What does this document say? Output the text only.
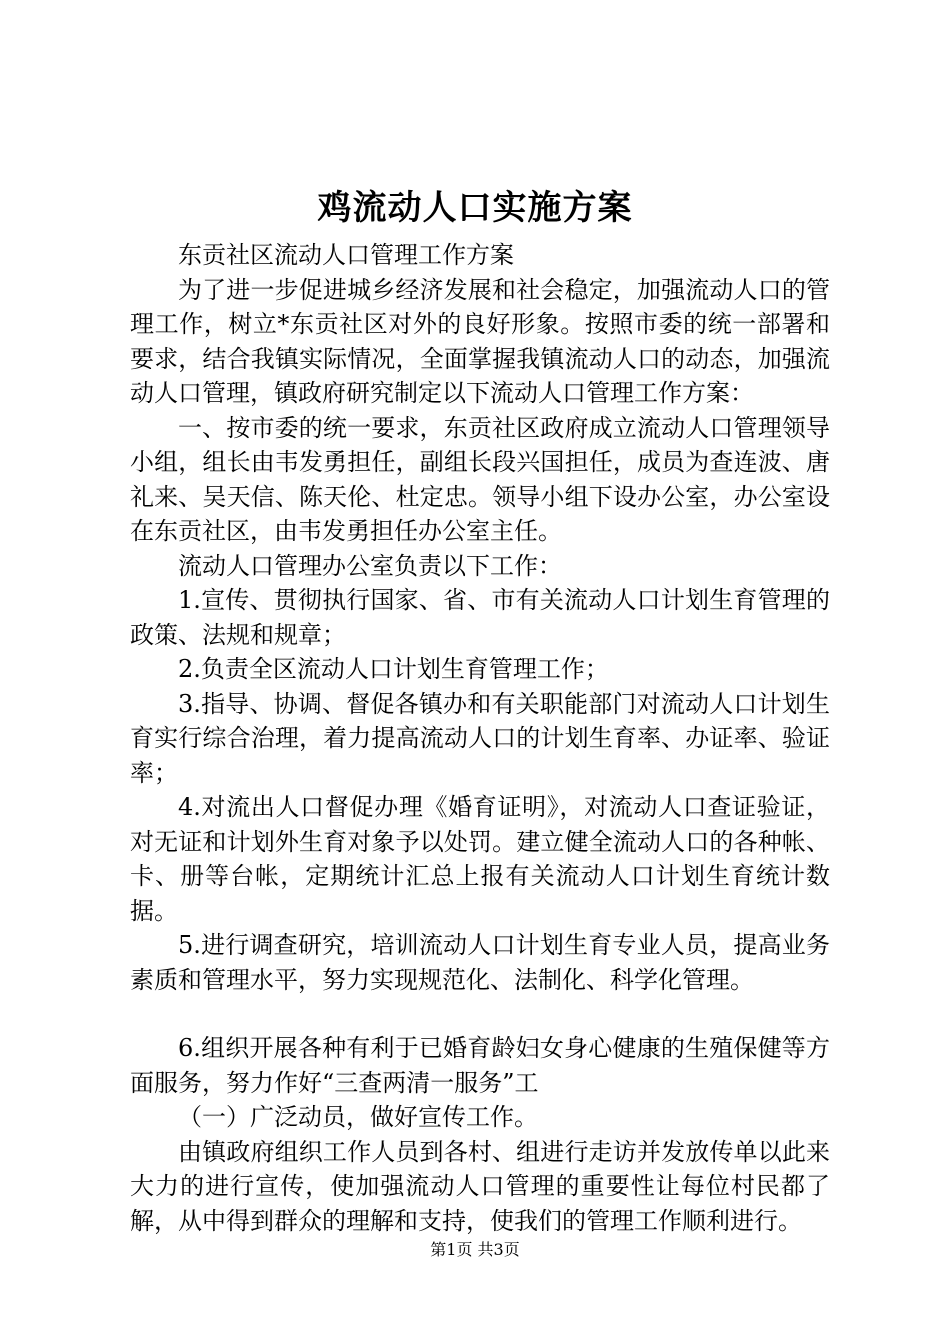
鸡流动人口实施方案

东贡社区流动人口管理工作方案

为了进一步促进城乡经济发展和社会稳定，加强流动人口的管理工作，树立*东贡社区对外的良好形象。按照市委的统一部署和要求，结合我镇实际情况，全面掌握我镇流动人口的动态，加强流动人口管理，镇政府研究制定以下流动人口管理工作方案：

一、按市委的统一要求，东贡社区政府成立流动人口管理领导小组，组长由韦发勇担任，副组长段兴国担任，成员为查连波、唐礼来、吴天信、陈天伦、杜定忠。领导小组下设办公室，办公室设在东贡社区，由韦发勇担任办公室主任。

流动人口管理办公室负责以下工作：

1.宣传、贯彻执行国家、省、市有关流动人口计划生育管理的政策、法规和规章；

2.负责全区流动人口计划生育管理工作；

3.指导、协调、督促各镇办和有关职能部门对流动人口计划生育实行综合治理，着力提高流动人口的计划生育率、办证率、验证率；

4.对流出人口督促办理《婚育证明》，对流动人口查证验证，对无证和计划外生育对象予以处罚。建立健全流动人口的各种帐、卡、册等台帐，定期统计汇总上报有关流动人口计划生育统计数据。

5.进行调查研究，培训流动人口计划生育专业人员，提高业务素质和管理水平，努力实现规范化、法制化、科学化管理。

6.组织开展各种有利于已婚育龄妇女身心健康的生殖保健等方面服务，努力作好“三查两清一服务”工

（一）广泛动员，做好宣传工作。

由镇政府组织工作人员到各村、组进行走访并发放传单以此来大力的进行宣传，使加强流动人口管理的重要性让每位村民都了解，从中得到群众的理解和支持，使我们的管理工作顺利进行。

第1页 共3页
